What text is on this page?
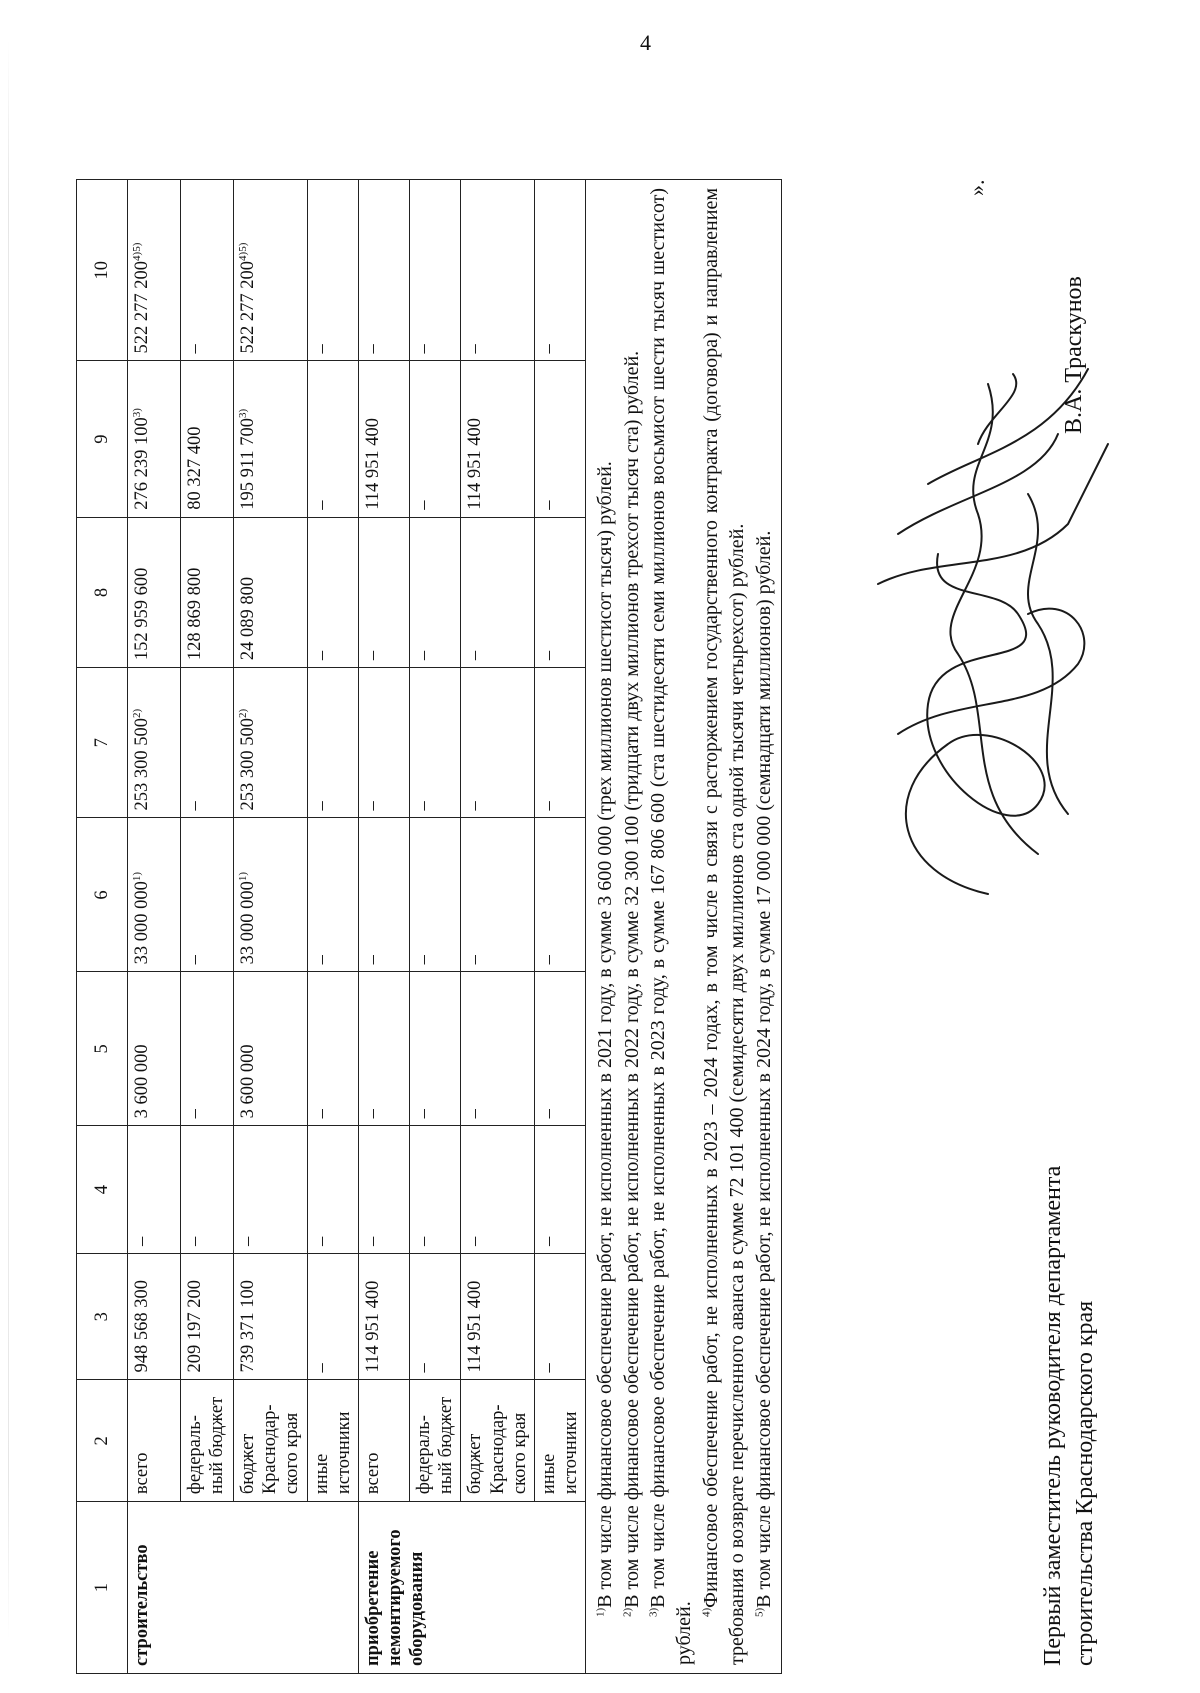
4
1	2	3	4	5	6	7	8	9	10
строительство	всего	948 568 300	–	3 600 000	33 000 000$^{1)}$	253 300 500$^{2)}$	152 959 600	276 239 100$^{3)}$	522 277 $200^{4)5)}$
	федераль-ный бюджет	209 197 200	–	–	–	–	128 869 800	80 327 400	–
	бюджет Краснодар-ского края	739 371 100	–	3 600 000	33 000 000$^{1)}$	253 300 500$^{2)}$	24 089 800	195 911 700$^{3)}$	522 277 $200^{4)5)}$
	иные источники	–	–	–	–	–	–	–	–
приобретение немонтируемого оборудования	всего	114 951 400	–	–	–	–	–	114 951 400	–
	федераль-ный бюджет	–	–	–	–	–	–	–	–
	бюджет Краснодар-ского края	114 951 400	–	–	–	–	–	114 951 400	–
	иные источники	–	–	–	–	–	–	–	–

$^{1)}$В том числе финансовое обеспечение работ, не исполненных в 2021 году, в сумме 3 600 000 (трех миллионов шестисот тысяч) рублей.

$^{2)}$В том числе финансовое обеспечение работ, не исполненных в 2022 году, в сумме 32 300 100 (тридцати двух миллионов трехсот тысяч ста) рублей.

$^{3)}$В том числе финансовое обеспечение работ, не исполненных в 2023 году, в сумме 167 806 600 (ста шестидесяти семи миллионов восьмисот шести тысяч шестисот) рублей. $^{4)}$Финансовое обеспечение работ, не исполненных в 2023 – 2024 годах, в том числе в связи с расторжением государственного контракта (договора) и направлением требования о возврате перечисленного аванса в сумме 72 101 400 (семидесяти двух миллионов ста одной тысячи четырехсот) рублей. $^{5)}$В том числе финансовое обеспечение работ, не исполненных в 2024 году, в сумме 17 000 000 (семнадцати миллионов) рублей.									

».
Первый заместитель руководителя департамента строительства Краснодарского края
В.А. Траскунов
